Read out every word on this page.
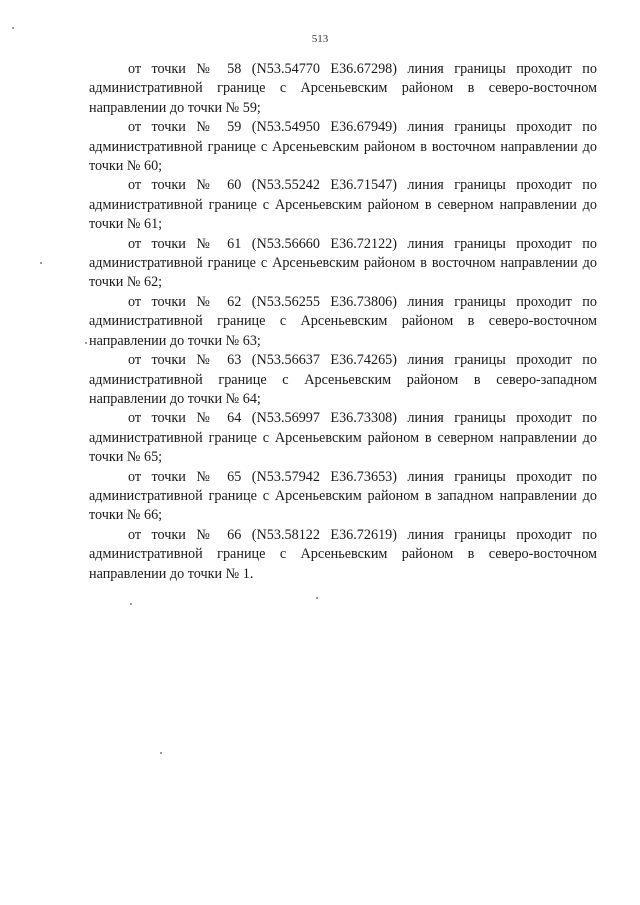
513

от точки № 58 (N53.54770 E36.67298) линия границы проходит по административной границе с Арсеньевским районом в северо-восточном направлении до точки № 59;

от точки № 59 (N53.54950 E36.67949) линия границы проходит по административной границе с Арсеньевским районом в восточном направлении до точки № 60;

от точки № 60 (N53.55242 E36.71547) линия границы проходит по административной границе с Арсеньевским районом в северном направлении до точки № 61;

от точки № 61 (N53.56660 E36.72122) линия границы проходит по административной границе с Арсеньевским районом в восточном направлении до точки № 62;

от точки № 62 (N53.56255 E36.73806) линия границы проходит по административной границе с Арсеньевским районом в северо-восточном направлении до точки № 63;

от точки № 63 (N53.56637 E36.74265) линия границы проходит по административной границе с Арсеньевским районом в северо-западном направлении до точки № 64;

от точки № 64 (N53.56997 E36.73308) линия границы проходит по административной границе с Арсеньевским районом в северном направлении до точки № 65;

от точки № 65 (N53.57942 E36.73653) линия границы проходит по административной границе с Арсеньевским районом в западном направлении до точки № 66;

от точки № 66 (N53.58122 E36.72619) линия границы проходит по административной границе с Арсеньевским районом в северо-восточном направлении до точки № 1.
